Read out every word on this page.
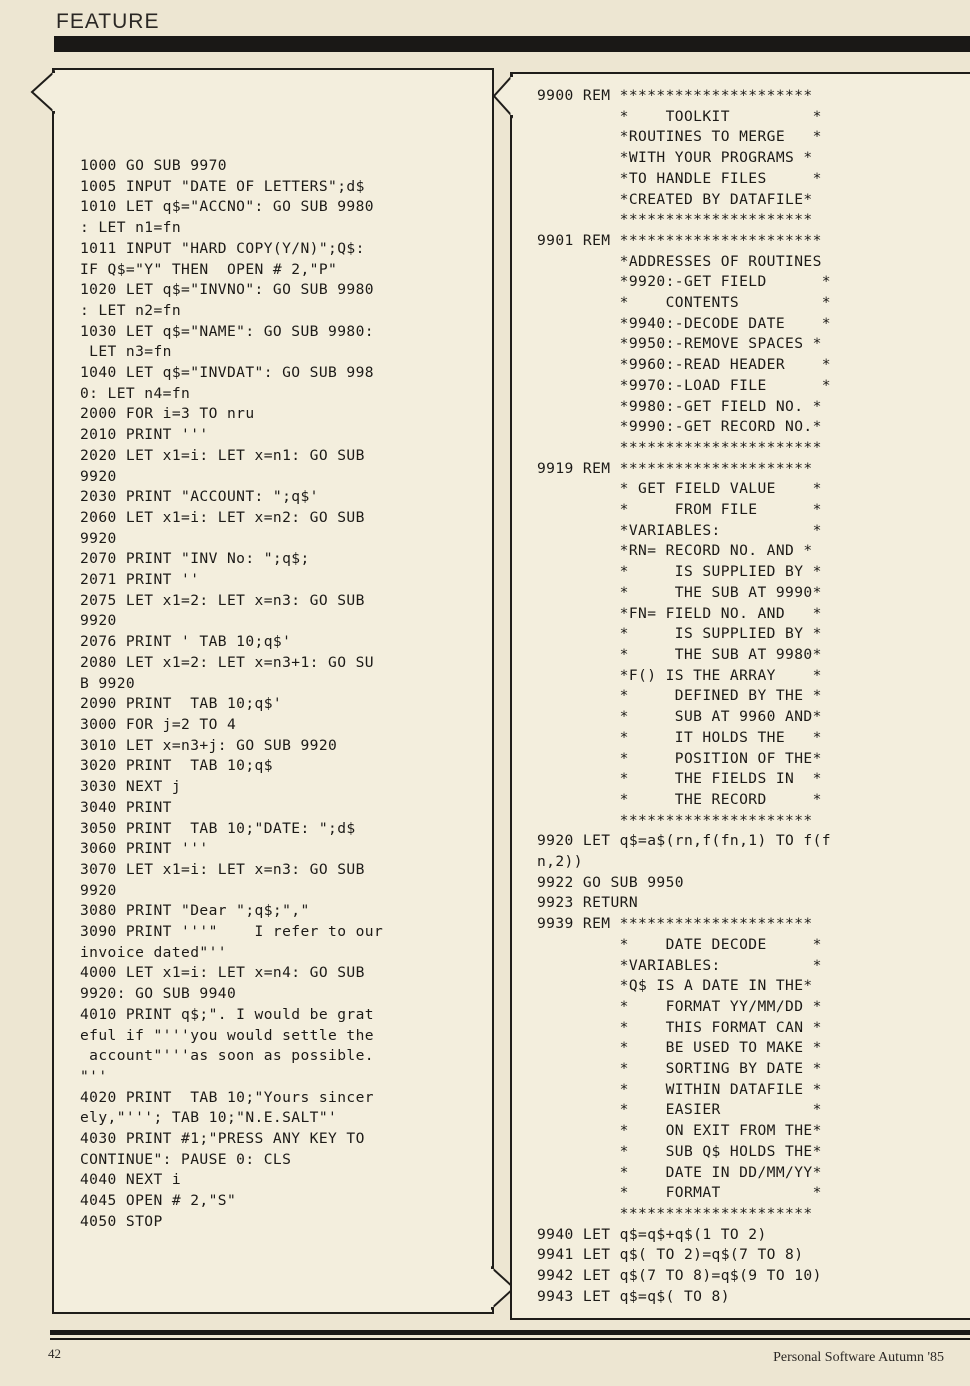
FEATURE
1000 GO SUB 9970
1005 INPUT "DATE OF LETTERS";d$
1010 LET q$="ACCNO": GO SUB 9980
: LET n1=fn
1011 INPUT "HARD COPY(Y/N)";Q$:
IF Q$="Y" THEN  OPEN # 2,"P"
1020 LET q$="INVNO": GO SUB 9980
: LET n2=fn
1030 LET q$="NAME": GO SUB 9980:
LET n3=fn
1040 LET q$="INVDAT": GO SUB 998
0: LET n4=fn
2000 FOR i=3 TO nru
2010 PRINT '''
2020 LET x1=i: LET x=n1: GO SUB
9920
2030 PRINT "ACCOUNT: ";q$'
2060 LET x1=i: LET x=n2: GO SUB
9920
2070 PRINT "INV No: ";q$;
2071 PRINT ''
2075 LET x1=2: LET x=n3: GO SUB
9920
2076 PRINT ' TAB 10;q$'
2080 LET x1=2: LET x=n3+1: GO SU
B 9920
2090 PRINT  TAB 10;q$'
3000 FOR j=2 TO 4
3010 LET x=n3+j: GO SUB 9920
3020 PRINT  TAB 10;q$
3030 NEXT j
3040 PRINT
3050 PRINT  TAB 10;"DATE: ";d$
3060 PRINT '''
3070 LET x1=i: LET x=n3: GO SUB
9920
3080 PRINT "Dear ";q$;","
3090 PRINT '''"    I refer to our
invoice dated"''
4000 LET x1=i: LET x=n4: GO SUB
9920: GO SUB 9940
4010 PRINT q$;". I would be grat
eful if "'''you would settle the
account"'''as soon as possible.
"''
4020 PRINT  TAB 10;"Yours sincer
ely,"'''; TAB 10;"N.E.SALT"'
4030 PRINT #1;"PRESS ANY KEY TO
CONTINUE": PAUSE 0: CLS
4040 NEXT i
4045 OPEN # 2,"S"
4050 STOP
9900 REM *********************
*    TOOLKIT         *
*ROUTINES TO MERGE   *
*WITH YOUR PROGRAMS *
*TO HANDLE FILES     *
*CREATED BY DATAFILE*
*********************
9901 REM **********************
*ADDRESSES OF ROUTINES
*9920:-GET FIELD      *
*    CONTENTS         *
*9940:-DECODE DATE    *
*9950:-REMOVE SPACES *
*9960:-READ HEADER    *
*9970:-LOAD FILE      *
*9980:-GET FIELD NO. *
*9990:-GET RECORD NO.*
**********************
9919 REM *********************
* GET FIELD VALUE    *
*     FROM FILE      *
*VARIABLES:          *
*RN= RECORD NO. AND *
*     IS SUPPLIED BY *
*     THE SUB AT 9990*
*FN= FIELD NO. AND   *
*     IS SUPPLIED BY *
*     THE SUB AT 9980*
*F() IS THE ARRAY    *
*     DEFINED BY THE *
*     SUB AT 9960 AND*
*     IT HOLDS THE   *
*     POSITION OF THE*
*     THE FIELDS IN  *
*     THE RECORD     *
*********************
9920 LET q$=a$(rn,f(fn,1) TO f(f
n,2))
9922 GO SUB 9950
9923 RETURN
9939 REM *********************
*    DATE DECODE     *
*VARIABLES:          *
*Q$ IS A DATE IN THE*
*    FORMAT YY/MM/DD *
*    THIS FORMAT CAN *
*    BE USED TO MAKE *
*    SORTING BY DATE *
*    WITHIN DATAFILE *
*    EASIER          *
*    ON EXIT FROM THE*
*    SUB Q$ HOLDS THE*
*    DATE IN DD/MM/YY*
*    FORMAT          *
*********************
9940 LET q$=q$+q$(1 TO 2)
9941 LET q$( TO 2)=q$(7 TO 8)
9942 LET q$(7 TO 8)=q$(9 TO 10)
9943 LET q$=q$( TO 8)
42	Personal Software Autumn '85
